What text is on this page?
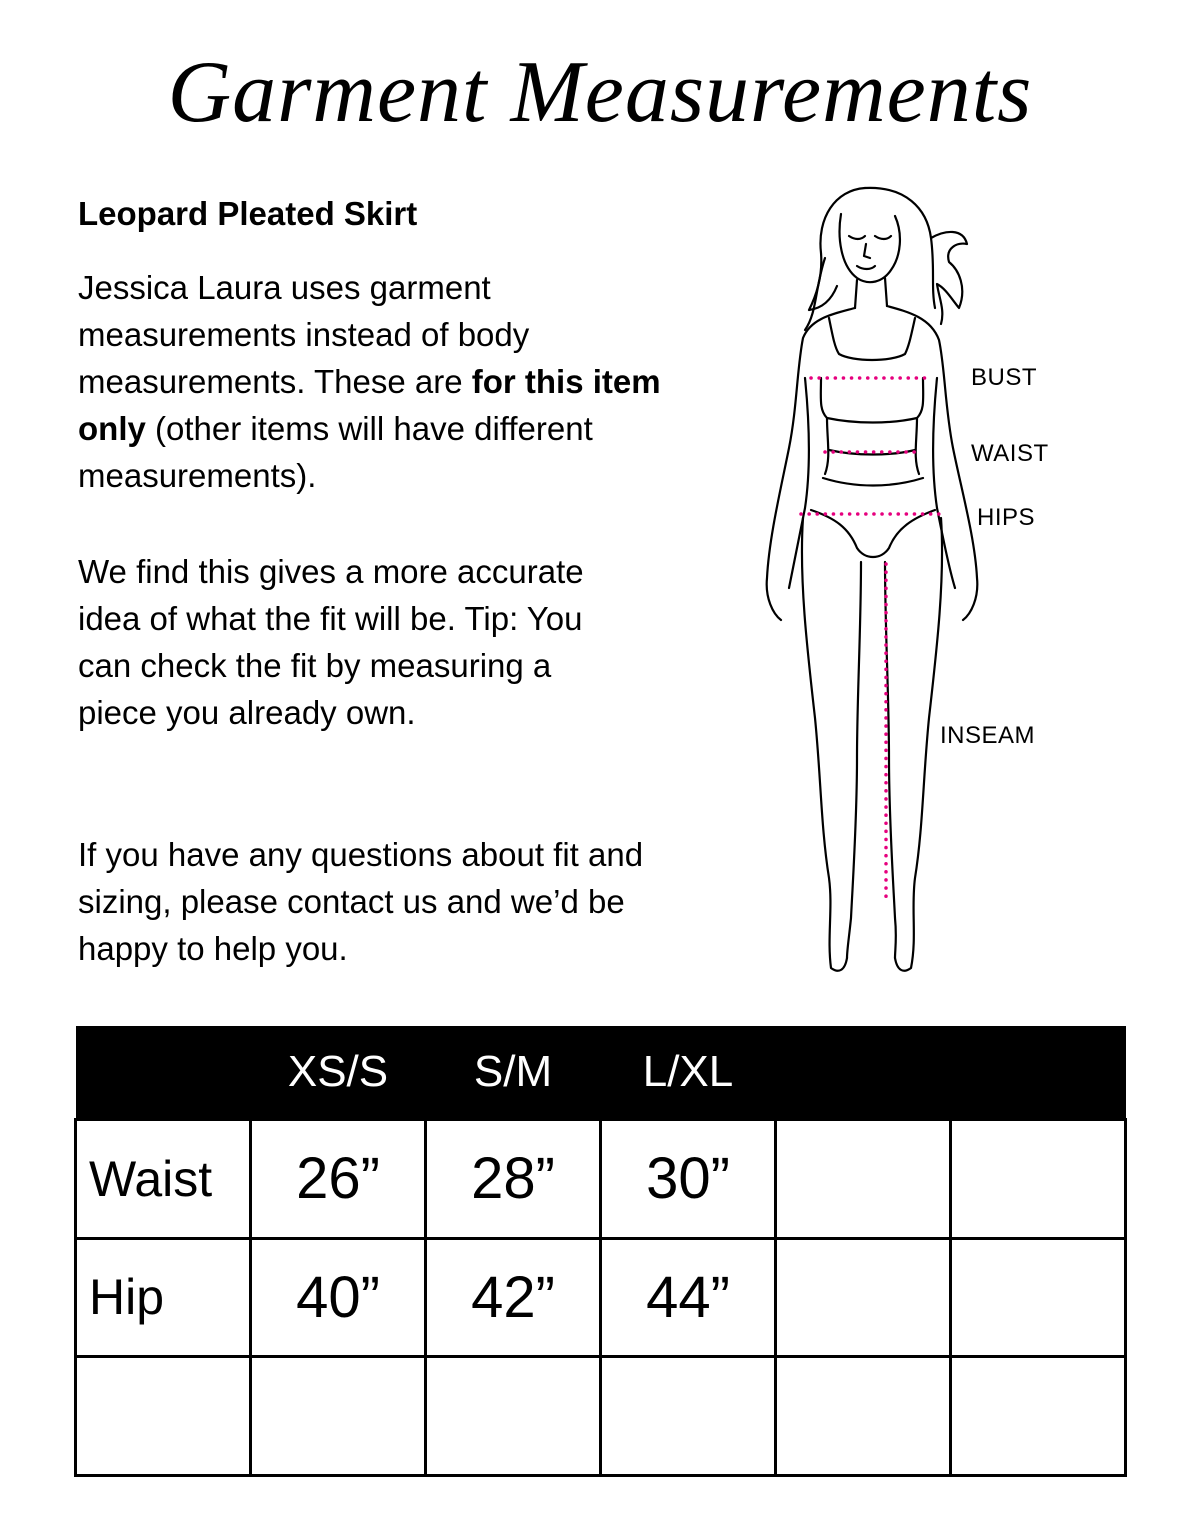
Garment Measurements
Leopard Pleated Skirt

Jessica Laura uses garment measurements instead of body measurements. These are for this item only (other items will have different measurements).

We find this gives a more accurate idea of what the fit will be. Tip: You can check the fit by measuring a piece you already own.

If you have any questions about fit and sizing, please contact us and we’d be happy to help you.

BUST
WAIST
HIPS
INSEAM
	XS/S	S/M	L/XL		
Waist	26”	28”	30”		
Hip	40”	42”	44”		
